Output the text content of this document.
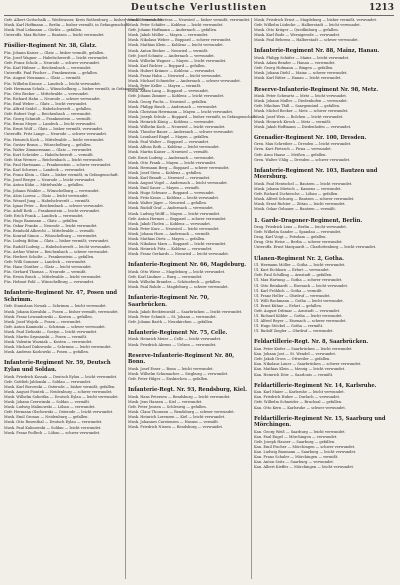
Deutsche Verlustlisten	1213
Gefr. Albert Gottschalk — Weißwasser, Kreis Rothenburg — bisher vermißt, verwundet.
Musk. Karl Hoffmann — Berlin — bisher vermißt, in Gefangenschaft.
Musk. Paul Lehmann — Görlitz — gefallen.
Unteroffz. Max Richter — Bautzen — leicht verwundet.
Füsilier-Regiment Nr. 38, Glatz.
Füs. Johann Kaiser — Glatz — bisher vermißt, gefallen.
Füs. Josef Wagner — Habelschwerdt — leicht verwundet.
Gefr. Franz Scholz — Neurode — schwer verwundet.
Füs. Karl Hübner — Reichenbach — verwundet.
Unteroffz. Paul Fischer — Frankenstein — gefallen.
Füs. August Neumann — Glatz — vermißt.
Füs. Wilhelm Krause — Landeck — leicht verwundet.
Gefr. Hermann Schulz — Wünschelburg — bisher vermißt, in Gefangenschaft.
Füs. Otto Becker — Mittelwalde — verwundet.
Füs. Richard Hahn — Neurode — schwer verwundet.
Füs. Emil Weber — Glatz — leicht verwundet.
Füs. Alfred Seidel — Habelschwerdt — gefallen.
Gefr. Robert Vogt — Reichenbach — verwundet.
Füs. Georg Schmidt — Frankenstein — vermißt.
Füs. Bruno Meyer — Landeck — leicht verwundet.
Füs. Ernst Wolf — Glatz — bisher vermißt, verwundet.
Unteroffz. Fritz Lange — Neurode — schwer verwundet.
Füs. Heinrich Koch — Mittelwalde — leicht verwundet.
Füs. Gustav Braun — Wünschelburg — gefallen.
Füs. Walter Zimmermann — Glatz — verwundet.
Füs. Kurt Schröder — Habelschwerdt — vermißt.
Gefr. Max Werner — Reichenbach — leicht verwundet.
Füs. Paul Hartmann — Frankenstein — schwer verwundet.
Füs. Karl Schwarz — Landeck — verwundet.
Füs. Franz Klein — Glatz — bisher vermißt, in Gefangenschaft.
Füs. Josef Berger — Neurode — leicht verwundet.
Füs. Anton Kühn — Mittelwalde — gefallen.
Füs. Johann Winkler — Wünschelburg — verwundet.
Füs. Alois Lorenz — Glatz — leicht verwundet.
Füs. Wenzel Jung — Habelschwerdt — vermißt.
Füs. Ignaz Peter — Reichenbach — schwer verwundet.
Füs. Adolf Roth — Frankenstein — leicht verwundet.
Gefr. Erich Frank — Landeck — verwundet.
Füs. Hugo Baumann — Glatz — gefallen.
Füs. Oskar Franke — Neurode — leicht verwundet.
Füs. Reinhold Albrecht — Mittelwalde — vermißt.
Füs. Konrad Simon — Wünschelburg — verwundet.
Füs. Ludwig Böhm — Glatz — bisher vermißt, verwundet.
Füs. Rudolf Ludwig — Habelschwerdt — leicht verwundet.
Füs. Arthur Winter — Reichenbach — schwer verwundet.
Füs. Herbert Schulte — Frankenstein — gefallen.
Gefr. Willi Sommer — Landeck — verwundet.
Füs. Hans Günther — Glatz — leicht verwundet.
Füs. Gerhard Thomas — Neurode — vermißt.
Füs. Erwin Busch — Mittelwalde — leicht verwundet.
Füs. Helmut Pohl — Wünschelburg — verwundet.
Infanterie-Regiment Nr. 47, Posen und Schrimm.
Gefr. Stanislaus Nowak — Schrimm — leicht verwundet.
Musk. Johann Kowalski — Posen — bisher vermißt, verwundet.
Musk. Franz Lewandowski — Kosten — gefallen.
Musk. Josef Wojcik — Posen — verwundet.
Gefr. Anton Kaminski — Schrimm — schwer verwundet.
Musk. Paul Zielinski — Gostyn — leicht verwundet.
Musk. Martin Szymanski — Posen — vermißt.
Musk. Valentin Wozniak — Kosten — verwundet.
Musk. Michael Dabrowski — Schrimm — leicht verwundet.
Musk. Andreas Kozlowski — Posen — gefallen.
Infanterie-Regiment Nr. 59, Deutsch Eylau und Soldau.
Musk. Friedrich Kossak — Deutsch Eylau — leicht verwundet.
Gefr. Gottlieb Jablonski — Soldau — verwundet.
Musk. Karl Borowski — Osterode — bisher vermißt, gefallen.
Musk. August Piontek — Neidenburg — schwer verwundet.
Musk. Wilhelm Sobottka — Deutsch Eylau — leicht verwundet.
Musk. Johann Czerwinski — Soldau — vermißt.
Musk. Ludwig Malinowski — Löbau — verwundet.
Gefr. Hermann Olschewski — Osterode — leicht verwundet.
Musk. Emil Gronau — Neidenburg — gefallen.
Musk. Otto Rosenthal — Deutsch Eylau — verwundet.
Musk. Paul Kalinowski — Soldau — leicht verwundet.
Musk. Franz Podlech — Löbau — schwer verwundet.
Musk. Heinrich Mertens — Neuwied — bisher vermißt, verwundet.
Musk. Peter Schäfer — Koblenz — leicht verwundet.
Gefr. Johann Hoffmann — Andernach — gefallen.
Musk. Jakob Müller — Mayen — verwundet.
Musk. Nikolaus Weber — Boppard — schwer verwundet.
Musk. Mathias Klein — Koblenz — leicht verwundet.
Musk. Anton Becker — Neuwied — vermißt.
Gefr. Josef Schmitz — Andernach — verwundet.
Musk. Wilhelm Wagner — Mayen — leicht verwundet.
Musk. Karl Richter — Boppard — gefallen.
Musk. Hubert Krämer — Koblenz — verwundet.
Musk. Franz Hahn — Neuwied — leicht verwundet.
Musk. Michael Schneider — Andernach — schwer verwundet.
Musk. Peter Keller — Mayen — vermißt.
Musk. Adam Lang — Boppard — verwundet.
Gefr. Johann Zimmer — Koblenz — leicht verwundet.
Musk. Georg Fuchs — Neuwied — gefallen.
Musk. Philipp Busch — Andernach — verwundet.
Musk. Christian Herrmann — Mayen — leicht verwundet.
Musk. Joseph Schulz — Boppard — bisher vermißt, in Gefangenschaft.
Musk. Heinrich König — Koblenz — verwundet.
Musk. Wilhelm Koch — Neuwied — leicht verwundet.
Musk. Theodor Bauer — Andernach — schwer verwundet.
Musk. Leonhard Engel — Mayen — gefallen.
Musk. Paul Walter — Boppard — verwundet.
Musk. Alfons Roth — Koblenz — leicht verwundet.
Musk. Martin Kaiser — Neuwied — vermißt.
Gefr. Ernst Ludwig — Andernach — verwundet.
Musk. Otto Frank — Mayen — leicht verwundet.
Musk. Hermann Berg — Boppard — schwer verwundet.
Musk. Josef Stein — Koblenz — gefallen.
Musk. Karl Brandt — Neuwied — verwundet.
Musk. August Vogel — Andernach — leicht verwundet.
Musk. Emil Sauer — Mayen — vermißt.
Musk. Hugo Schwarz — Boppard — verwundet.
Musk. Fritz Kraus — Koblenz — leicht verwundet.
Musk. Walter Jäger — Neuwied — gefallen.
Musk. Rudolf Graf — Andernach — verwundet.
Musk. Ludwig Wolff — Mayen — leicht verwundet.
Gefr. Anton Hermes — Boppard — schwer verwundet.
Musk. Jakob Thelen — Koblenz — verwundet.
Musk. Peter Kurz — Neuwied — leicht verwundet.
Musk. Johann Horn — Andernach — vermißt.
Musk. Mathias Dietz — Mayen — gefallen.
Musk. Nikolaus Marx — Boppard — leicht verwundet.
Musk. Heinrich Pütz — Koblenz — verwundet.
Musk. Franz Gerhards — Neuwied — leicht verwundet.
Infanterie-Regiment Nr. 66, Magdeburg.
Musk. Otto Wiese — Magdeburg — leicht verwundet.
Gefr. Karl Lindner — Burg — verwundet.
Musk. Wilhelm Brandes — Schönebeck — gefallen.
Musk. Paul Rohde — Magdeburg — schwer verwundet.
Infanterie-Regiment Nr. 70, Saarbrücken.
Musk. Jakob Recktenwald — Saarbrücken — leicht verwundet.
Musk. Peter Schmitt — St. Johann — verwundet.
Gefr. Johann Barth — Neunkirchen — gefallen.
Infanterie-Regiment Nr. 75, Celle.
Musk. Heinrich Meier — Celle — leicht verwundet.
Musk. Friedrich Ahrens — Uelzen — verwundet.
Reserve-Infanterie-Regiment Nr. 80, Bonn.
Musk. Josef Esser — Bonn — leicht verwundet.
Musk. Wilhelm Schumacher — Siegburg — verwundet.
Gefr. Peter Hilger — Euskirchen — gefallen.
Infanterie-Regt. Nr. 93, Rendsburg, Kiel.
Musk. Hans Petersen — Rendsburg — leicht verwundet.
Musk. Jens Hansen — Kiel — verwundet.
Gefr. Peter Jensen — Schleswig — gefallen.
Musk. Claus Thomsen — Rendsburg — schwer verwundet.
Musk. Heinrich Lorenzen — Kiel — leicht verwundet.
Musk. Johannes Carstensen — Husum — vermißt.
Musk. Friedrich Nissen — Rendsburg — verwundet.
Musk. Friedrich Ernst — Magdeburg — bisher vermißt, verwundet.
Gefr. Wilhelm Lüdecke — Halberstadt — leicht verwundet.
Musk. Otto Krüger — Quedlinburg — gefallen.
Musk. Karl Bode — Wernigerode — verwundet.
Musk. Paul Behrens — Halberstadt — schwer verwundet.
Infanterie-Regiment Nr. 88, Mainz, Hanau.
Musk. Philipp Schäfer — Mainz — leicht verwundet.
Musk. Adam Bender — Hanau — verwundet.
Gefr. Georg Hofmann — Bingen — gefallen.
Musk. Johann Diehl — Mainz — schwer verwundet.
Musk. Karl Ritter — Hanau — leicht verwundet.
Reserve-Infanterie-Regiment Nr. 98, Metz.
Musk. Peter Schwartz — Metz — leicht verwundet.
Musk. Johann Muller — Diedenhofen — verwundet.
Gefr. Nikolaus Thill — Saargemünd — gefallen.
Musk. Michel Becker — Metz — schwer verwundet.
Musk. Josef Weis — Bolchen — leicht verwundet.
Musk. Heinrich Kirsch — Metz — vermißt.
Musk. Jakob Hoffmann — Diedenhofen — verwundet.
Grenadier-Regiment Nr. 100, Dresden.
Gren. Max Schreiber — Dresden — leicht verwundet.
Gren. Kurt Pietzsch — Pirna — verwundet.
Gefr. Arno Haase — Meißen — gefallen.
Gren. Walter Uhlig — Dresden — schwer verwundet.
Infanterie-Regiment Nr. 103, Bautzen und Meersburg.
Musk. Paul Hentschel — Bautzen — leicht verwundet.
Musk. Johann Mietsch — Kamenz — verwundet.
Gefr. Richard Zschiesche — Löbau — gefallen.
Musk. Alfred Schurig — Bautzen — schwer verwundet.
Musk. Ernst Richter — Zittau — leicht verwundet.
Musk. Oskar Gebauer — Bautzen — vermißt.
1. Garde-Dragoner-Regiment, Berlin.
Drag. Friedrich Lenz — Berlin — leicht verwundet.
Gefr. Wilhelm Sander — Spandau — verwundet.
Drag. Karl Voigt — Potsdam — gefallen.
Drag. Otto Heise — Berlin — schwer verwundet.
Unteroffz. Ernst Marquardt — Charlottenburg — leicht verwundet.
Ulanen-Regiment Nr. 2, Gotha.
Ul. Hermann Möller — Gotha — leicht verwundet.
Ul. Kurt Eichhorn — Erfurt — verwundet.
Gefr. Paul Schilling — Arnstadt — gefallen.
Ul. Max Hartung — Gotha — schwer verwundet.
Ul. Otto Reinhardt — Eisenach — leicht verwundet.
Ul. Karl Fröhlich — Gotha — vermißt.
Ul. Franz Heller — Ohrdruf — verwundet.
Ul. Willi Bachmann — Gotha — leicht verwundet.
Ul. Ernst Kühne — Erfurt — gefallen.
Gefr. August Dittmar — Arnstadt — verwundet.
Ul. Richard Köhler — Gotha — leicht verwundet.
Ul. Alfred Beyer — Eisenach — schwer verwundet.
Ul. Hugo Stöckel — Gotha — vermißt.
Ul. Rudolf Ziegler — Ohrdruf — verwundet.
Feldartillerie-Regt. Nr. 8, Saarbrücken.
Kan. Peter Kiefer — Saarbrücken — leicht verwundet.
Kan. Johann Jost — St. Wendel — verwundet.
Gefr. Jakob Gross — Ottweiler — gefallen.
Kan. Nikolaus Lauer — Saarbrücken — schwer verwundet.
Kan. Mathias Klein — Merzig — leicht verwundet.
Kan. Heinrich Dörr — Saarlouis — vermißt.
Feldartillerie-Regiment Nr. 14, Karlsruhe.
Kan. Karl Maier — Karlsruhe — leicht verwundet.
Kan. Friedrich Huber — Durlach — verwundet.
Gefr. Wilhelm Schneider — Bruchsal — gefallen.
Kan. Otto Kern — Karlsruhe — schwer verwundet.
Feldartillerie-Regiment Nr. 15, Saarburg und Mörchingen.
Kan. Georg Weiß — Saarburg — leicht verwundet.
Kan. Paul Engel — Mörchingen — verwundet.
Gefr. Joseph Hauser — Saarburg — gefallen.
Kan. Emil Fischer — Mörchingen — schwer verwundet.
Kan. Ludwig Baumann — Saarburg — leicht verwundet.
Kan. Franz Schuler — Mörchingen — vermißt.
Kan. Anton Seitz — Saarburg — verwundet.
Kan. Albert Kieffer — Mörchingen — leicht verwundet.
